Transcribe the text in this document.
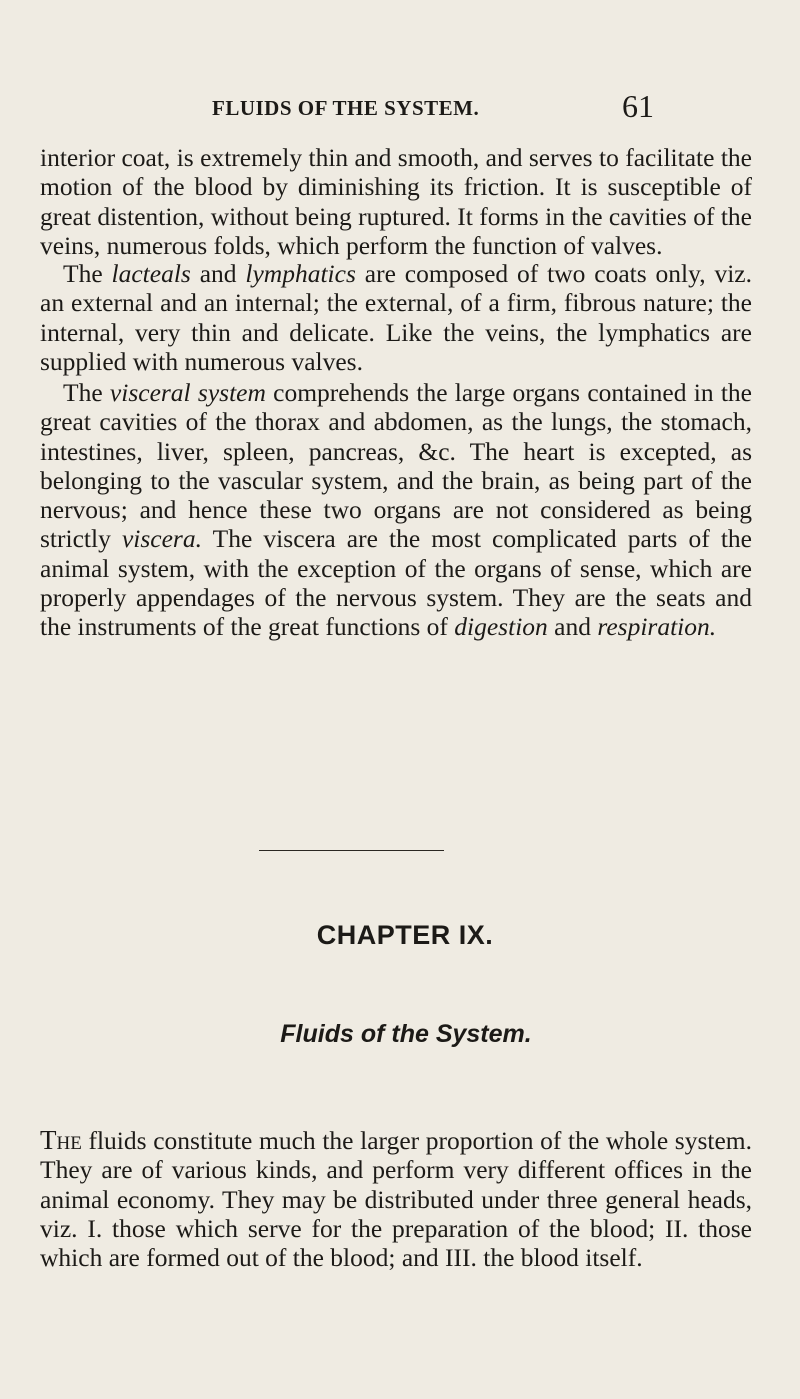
FLUIDS OF THE SYSTEM.	61

interior coat, is extremely thin and smooth, and serves to facilitate the motion of the blood by diminishing its friction. It is susceptible of great distention, without being ruptured. It forms in the cavities of the veins, numerous folds, which perform the function of valves.

The lacteals and lymphatics are composed of two coats only, viz. an external and an internal; the external, of a firm, fibrous nature; the internal, very thin and delicate. Like the veins, the lymphatics are supplied with numerous valves.

The visceral system comprehends the large organs contained in the great cavities of the thorax and abdomen, as the lungs, the stomach, intestines, liver, spleen, pancreas, &c. The heart is excepted, as belonging to the vascular system, and the brain, as being part of the nervous; and hence these two organs are not considered as being strictly viscera. The viscera are the most complicated parts of the animal system, with the exception of the organs of sense, which are properly appendages of the nervous system. They are the seats and the instruments of the great functions of digestion and respiration.

CHAPTER IX.
Fluids of the System.

The fluids constitute much the larger proportion of the whole system. They are of various kinds, and perform very different offices in the animal economy. They may be distributed under three general heads, viz. I. those which serve for the preparation of the blood; II. those which are formed out of the blood; and III. the blood itself.
